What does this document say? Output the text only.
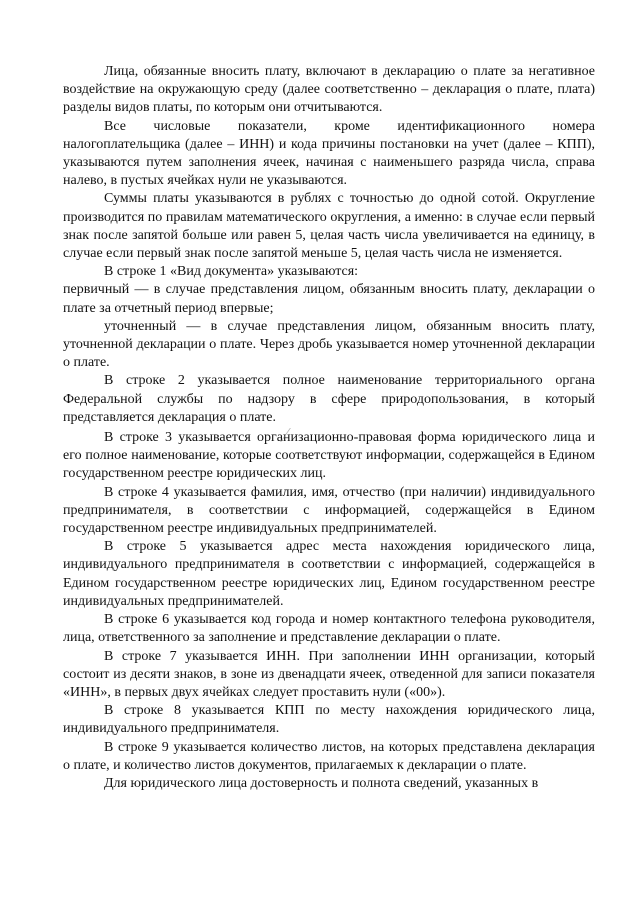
Лица, обязанные вносить плату, включают в декларацию о плате за негативное воздействие на окружающую среду (далее соответственно – декларация о плате, плата) разделы видов платы, по которым они отчитываются.

Все числовые показатели, кроме идентификационного номера налогоплательщика (далее – ИНН) и кода причины постановки на учет (далее – КПП), указываются путем заполнения ячеек, начиная с наименьшего разряда числа, справа налево, в пустых ячейках нули не указываются.

Суммы платы указываются в рублях с точностью до одной сотой. Округление производится по правилам математического округления, а именно: в случае если первый знак после запятой больше или равен 5, целая часть числа увеличивается на единицу, в случае если первый знак после запятой меньше 5, целая часть числа не изменяется.

В строке 1 «Вид документа» указываются:

первичный — в случае представления лицом, обязанным вносить плату, декларации о плате за отчетный период впервые;

уточненный — в случае представления лицом, обязанным вносить плату, уточненной декларации о плате. Через дробь указывается номер уточненной декларации о плате.

В строке 2 указывается полное наименование территориального органа Федеральной службы по надзору в сфере природопользования, в который представляется декларация о плате.

В строке 3 указывается организационно-правовая форма юридического лица и его полное наименование, которые соответствуют информации, содержащейся в Едином государственном реестре юридических лиц.

В строке 4 указывается фамилия, имя, отчество (при наличии) индивидуального предпринимателя, в соответствии с информацией, содержащейся в Едином государственном реестре индивидуальных предпринимателей.

В строке 5 указывается адрес места нахождения юридического лица, индивидуального предпринимателя в соответствии с информацией, содержащейся в Едином государственном реестре юридических лиц, Едином государственном реестре индивидуальных предпринимателей.

В строке 6 указывается код города и номер контактного телефона руководителя, лица, ответственного за заполнение и представление декларации о плате.

В строке 7 указывается ИНН. При заполнении ИНН организации, который состоит из десяти знаков, в зоне из двенадцати ячеек, отведенной для записи показателя «ИНН», в первых двух ячейках следует проставить нули («00»).

В строке 8 указывается КПП по месту нахождения юридического лица, индивидуального предпринимателя.

В строке 9 указывается количество листов, на которых представлена декларация о плате, и количество листов документов, прилагаемых к декларации о плате.

Для юридического лица достоверность и полнота сведений, указанных в
